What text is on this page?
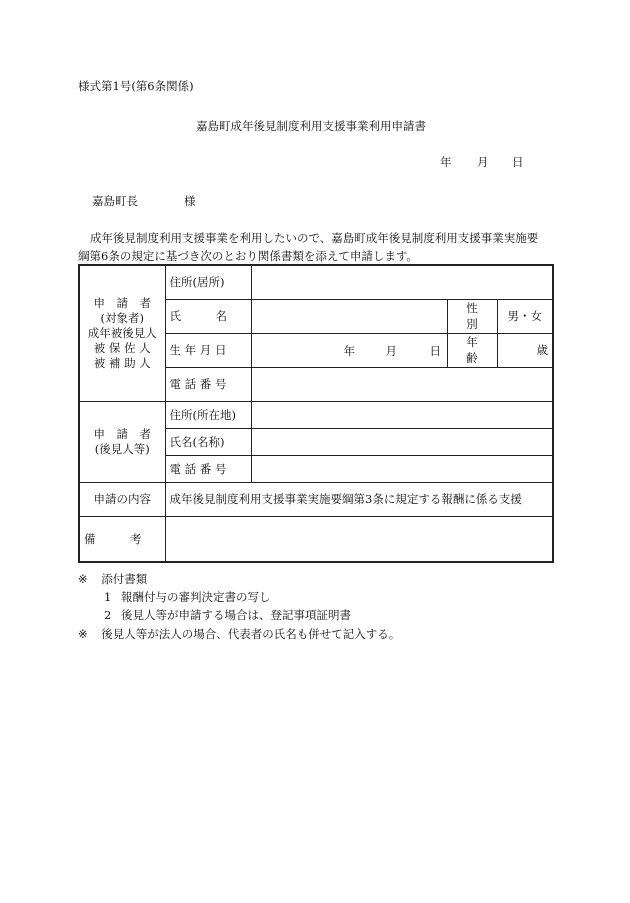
様式第1号(第6条関係)
嘉島町成年後見制度利用支援事業利用申請書
年 月 日
嘉島町長	様
成年後見制度利用支援事業を利用したいので、嘉島町成年後見制度利用支援事業実施要
綱第6条の規定に基づき次のとおり関係書類を添えて申請します。
申　請　者
(対象者)
成年被後見人
被 保 佐 人
被 補 助 人	住所(居所)			
	氏　　　名		性　　別	男・女
	生 年 月 日	年 月 日	年　　齢	歳
	電 話 番 号			

申　請　者
(後見人等)	住所(所在地)			
	氏名(名称)			
	電 話 番 号			
申請の内容	成年後見制度利用支援事業実施要綱第3条に規定する報酬に係る支援			
備　　　考				
※ 添付書類
1 報酬付与の審判決定書の写し
2 後見人等が申請する場合は、登記事項証明書
※ 後見人等が法人の場合、代表者の氏名も併せて記入する。
